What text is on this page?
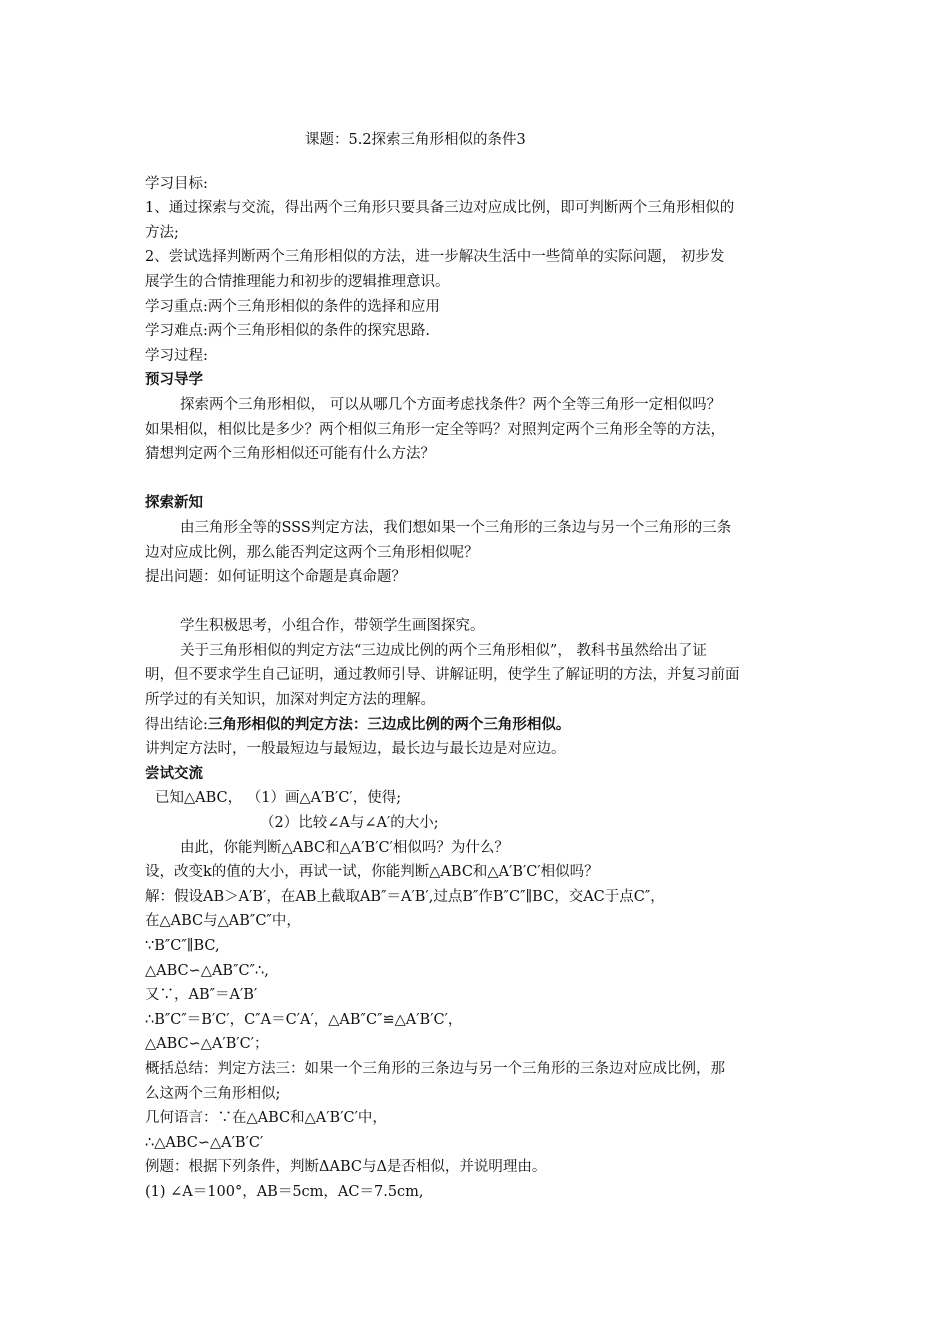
课题：5.2探索三角形相似的条件3
学习目标:
1、通过探索与交流，得出两个三角形只要具备三边对应成比例，即可判断两个三角形相似的
方法;
2、尝试选择判断两个三角形相似的方法，进一步解决生活中一些简单的实际问题， 初步发
展学生的合情推理能力和初步的逻辑推理意识。
学习重点:两个三角形相似的条件的选择和应用
学习难点:两个三角形相似的条件的探究思路.
学习过程:
预习导学
探索两个三角形相似， 可以从哪几个方面考虑找条件？两个全等三角形一定相似吗？
如果相似，相似比是多少？两个相似三角形一定全等吗？对照判定两个三角形全等的方法，
猜想判定两个三角形相似还可能有什么方法？
探索新知
由三角形全等的SSS判定方法，我们想如果一个三角形的三条边与另一个三角形的三条
边对应成比例，那么能否判定这两个三角形相似呢？
提出问题：如何证明这个命题是真命题？
学生积极思考，小组合作，带领学生画图探究。
关于三角形相似的判定方法“三边成比例的两个三角形相似”， 教科书虽然给出了证
明，但不要求学生自己证明，通过教师引导、讲解证明，使学生了解证明的方法，并复习前面
所学过的有关知识，加深对判定方法的理解。
得出结论:三角形相似的判定方法：三边成比例的两个三角形相似。
讲判定方法时，一般最短边与最短边，最长边与最长边是对应边。
尝试交流
已知△ABC， （1）画△A′B′C′，使得;
（2）比较∠A与∠A′的大小;
由此，你能判断△ABC和△A′B′C′相似吗？为什么？
设，改变k的值的大小，再试一试，你能判断△ABC和△A′B′C′相似吗？
解：假设AB＞A′B′，在AB上截取AB″＝A′B′,过点B″作B″C″∥BC，交AC于点C″，
在△ABC与△AB″C″中，
∵B″C″∥BC,
△ABC∽△AB″C″∴,
又∵，AB″＝A′B′
∴B″C″＝B′C′，C″A＝C′A′，△AB″C″≌△A′B′C′，
△ABC∽△A′B′C′；
概括总结：判定方法三：如果一个三角形的三条边与另一个三角形的三条边对应成比例，那
么这两个三角形相似;
几何语言：∵在△ABC和△A′B′C′中，
∴△ABC∽△A′B′C′
例题：根据下列条件，判断ΔABC与Δ是否相似，并说明理由。
(1) ∠A＝100°，AB＝5cm，AC＝7.5cm,
